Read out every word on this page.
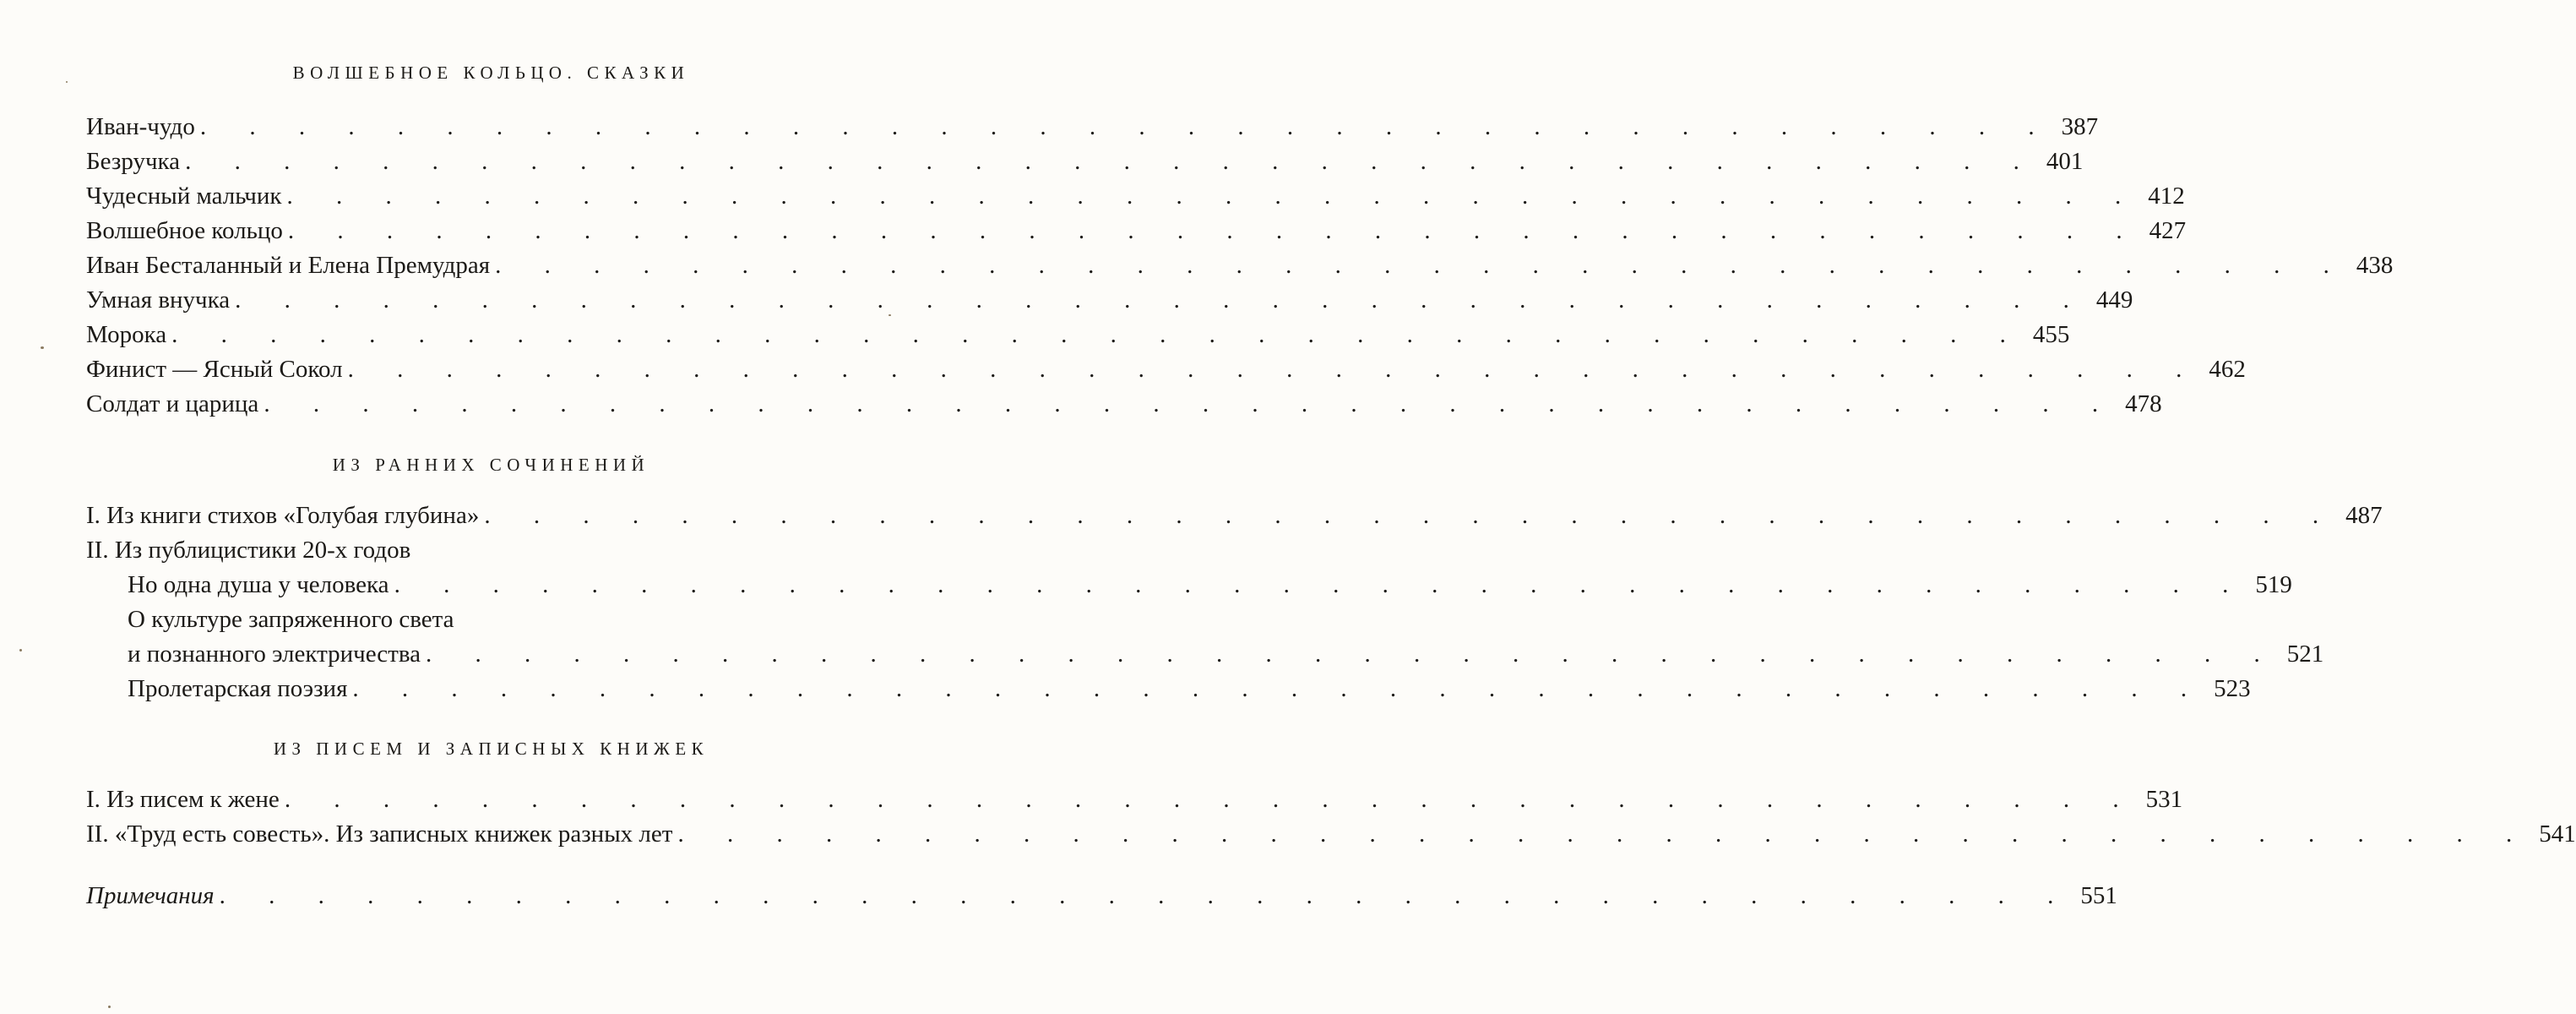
ВОЛШЕБНОЕ КОЛЬЦО. СКАЗКИ
Иван-чудо . . . . . . . . . . . . . . . . . . . . . . . . . . . . . . . . . . . . . . 387
Безручка . . . . . . . . . . . . . . . . . . . . . . . . . . . . . . . . . . . . . . 401
Чудесный мальчик . . . . . . . . . . . . . . . . . . . . . . . . . . . . . . . . . . . . . . 412
Волшебное кольцо . . . . . . . . . . . . . . . . . . . . . . . . . . . . . . . . . . . . . . 427
Иван Бесталанный и Елена Премудрая . . . . . . . . . . . . . . . . . . . . . . . . . . . . . . . . . . . . . . 438
Умная внучка . . . . . . . . . . . . . . . . . . . . . . . . . . . . . . . . . . . . . . 449
Морока . . . . . . . . . . . . . . . . . . . . . . . . . . . . . . . . . . . . . . 455
Финист — Ясный Сокол . . . . . . . . . . . . . . . . . . . . . . . . . . . . . . . . . . . . . . 462
Солдат и царица . . . . . . . . . . . . . . . . . . . . . . . . . . . . . . . . . . . . . . 478
ИЗ РАННИХ СОЧИНЕНИЙ
I. Из книги стихов «Голубая глубина» . . . . . . . . . . . . . . . . . . . . . . . . . . . . . . . . . . . . . . 487
II. Из публицистики 20-х годов
Но одна душа у человека . . . . . . . . . . . . . . . . . . . . . . . . . . . . . . . . . . . . . . 519
О культуре запряженного света
и познанного электричества . . . . . . . . . . . . . . . . . . . . . . . . . . . . . . . . . . . . . . 521
Пролетарская поэзия . . . . . . . . . . . . . . . . . . . . . . . . . . . . . . . . . . . . . . 523
ИЗ ПИСЕМ И ЗАПИСНЫХ КНИЖЕК
I. Из писем к жене . . . . . . . . . . . . . . . . . . . . . . . . . . . . . . . . . . . . . . 531
II. «Труд есть совесть». Из записных книжек разных лет . . . . . . . . . . . . . . . . . . . . . . . . . . . . . . . . . . . . . . 541
Примечания . . . . . . . . . . . . . . . . . . . . . . . . . . . . . . . . . . . . . . 551
